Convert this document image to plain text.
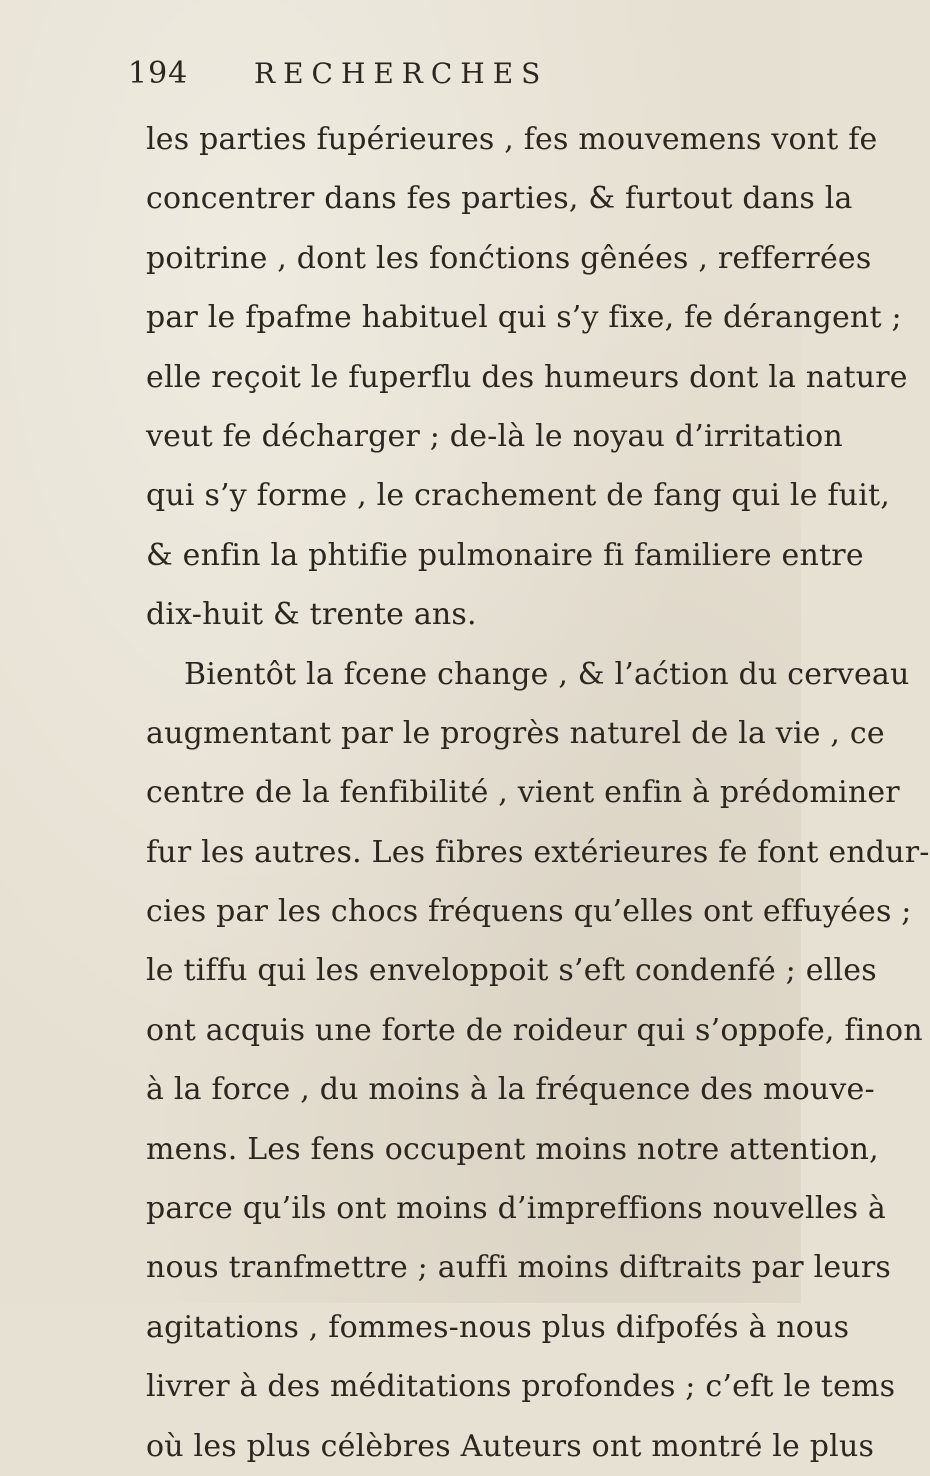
194 RECHERCHES
les parties fupérieures , fes mouvemens vont fe
concentrer dans fes parties, & furtout dans la
poitrine , dont les fonćtions gênées , refferrées
par le fpafme habituel qui s’y fixe, fe dérangent ;
elle reçoit le fuperflu des humeurs dont la nature
veut fe décharger ; de-là le noyau d’irritation
qui s’y forme , le crachement de fang qui le fuit,
& enfin la phtifie pulmonaire fi familiere entre
dix-huit & trente ans.
Bientôt la fcene change , & l’aćtion du cerveau
augmentant par le progrès naturel de la vie , ce
centre de la fenfibilité , vient enfin à prédominer
fur les autres. Les fibres extérieures fe font endur-
cies par les chocs fréquens qu’elles ont effuyées ;
le tiffu qui les enveloppoit s’eft condenfé ; elles
ont acquis une forte de roideur qui s’oppofe, finon
à la force , du moins à la fréquence des mouve-
mens. Les fens occupent moins notre attention,
parce qu’ils ont moins d’impreffions nouvelles à
nous tranfmettre ; auffi moins diftraits par leurs
agitations , fommes-nous plus difpofés à nous
livrer à des méditations profondes ; c’eft le tems
où les plus célèbres Auteurs ont montré le plus
